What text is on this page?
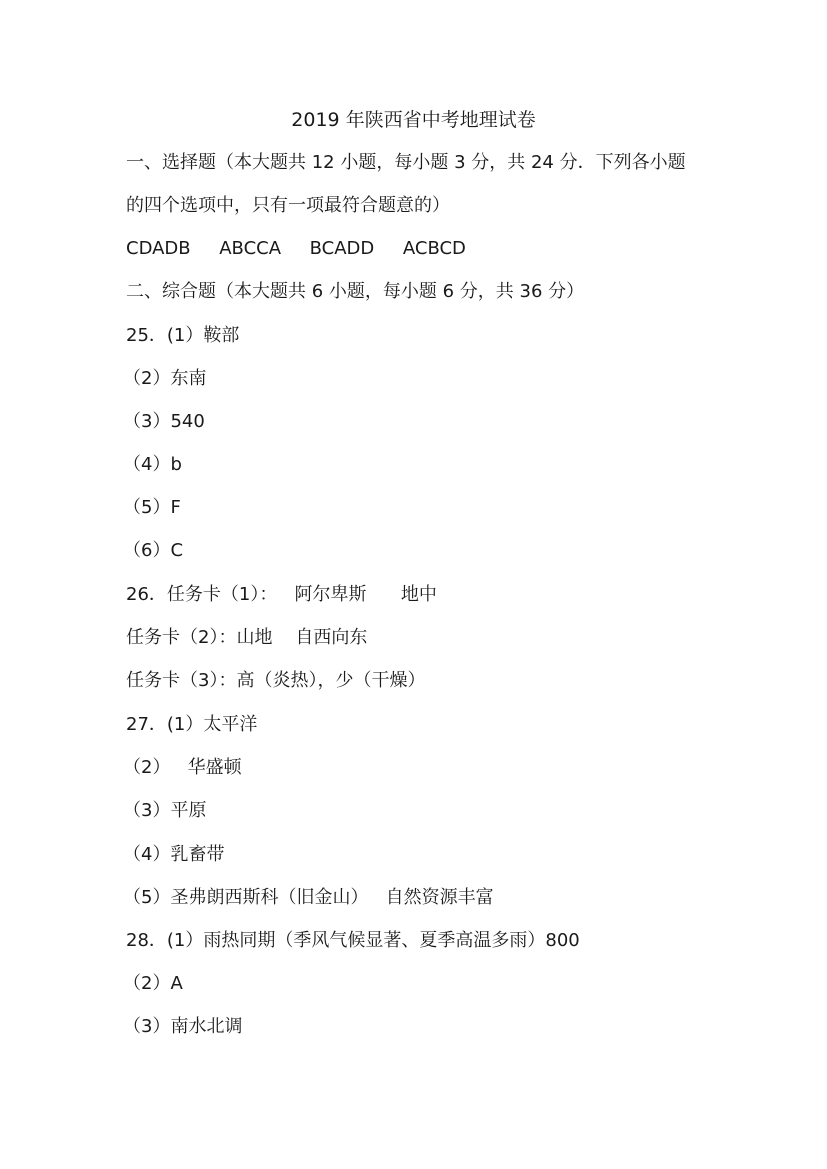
2019 年陕西省中考地理试卷
一、选择题（本大题共 12 小题，每小题 3 分，共 24 分．下列各小题
的四个选项中，只有一项最符合题意的）
CDADB     ABCCA     BCADD     ACBCD
二、综合题（本大题共 6 小题，每小题 6 分，共 36 分）
25．(1）鞍部
（2）东南
（3）540
（4）b
（5）F
（6）C
26．任务卡（1）：   阿尔卑斯      地中
任务卡（2）：山地    自西向东
任务卡（3）：高（炎热），少（干燥）
27．(1）太平洋
（2）   华盛顿
（3）平原
（4）乳畜带
（5）圣弗朗西斯科（旧金山）   自然资源丰富
28．(1）雨热同期（季风气候显著、夏季高温多雨）800
（2）A
（3）南水北调
